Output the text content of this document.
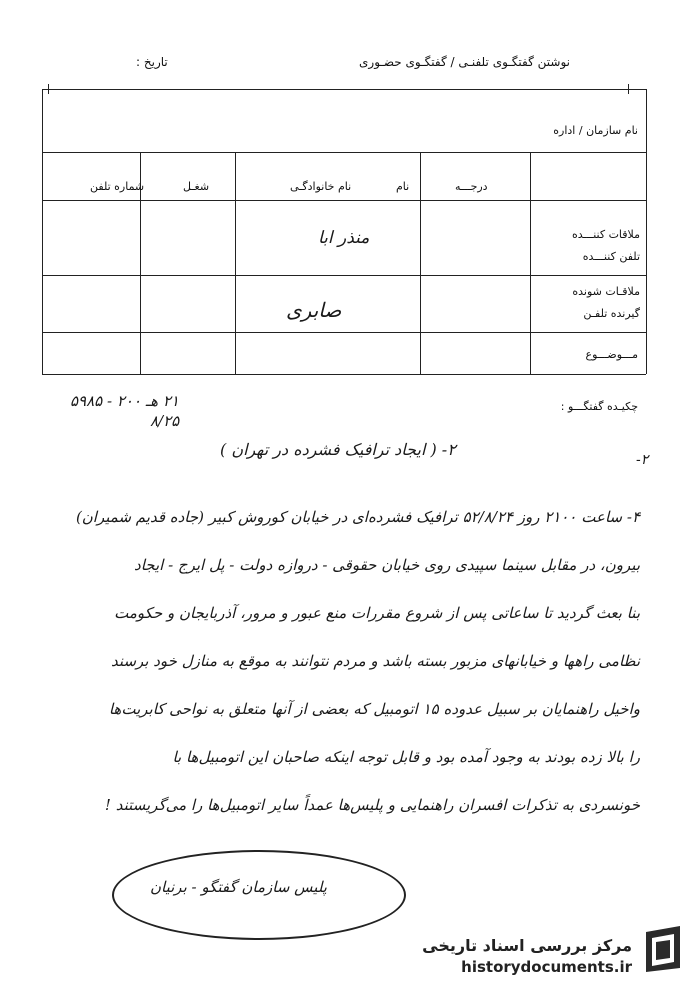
نوشتن گفتگـوی تلفنـی / گفتگـوی حضـوری
تاریخ :
نام سازمان / اداره
درجـــه
نام
نام خانوادگـی
شغـل
شماره تلفن
ملاقات کننـــده
تلفن کننـــده
ملاقـات شونده
گیرنده تلفـن
مـــوضـــوع
منذر ابا
صابری
چکیـده گفتگـــو :
۲۱ هـ ۲۰۰ - ۵۹۸۵
۸/۲۵
۲-
۲- ( ایجاد ترافیک فشرده در تهران )
۴- ساعت ۲۱۰۰ روز ۵۲/۸/۲۴ ترافیک فشرده‌ای در خیابان کوروش کبیر (جاده قدیم شمیران)
بیرون، در مقابل سینما سپیدی روی خیابان حقوقی - دروازه دولت - پل ایرج - ایجاد
بنا بعث گردید تا ساعاتی پس از شروع مقررات منع عبور و مرور، آذربایجان و حکومت
نظامی راهها و خیابانهای مزبور بسته باشد و مردم نتوانند به موقع به منازل خود برسند
واخیل راهنمایان بر سبیل عدوده ۱۵ اتومبیل که بعضی از آنها متعلق به نواحی کابریت‌ها
را بالا زده بودند به وجود آمده بود و قابل توجه اینکه صاحبان این اتومبیل‌ها با
خونسردی به تذکرات افسران راهنمایی و پلیس‌ها عمداً سایر اتومبیل‌ها را می‌گریستند !
پلیس سازمان گفتگو - برنیان
مرکز بررسی اسناد تاریخی
historydocuments.ir
